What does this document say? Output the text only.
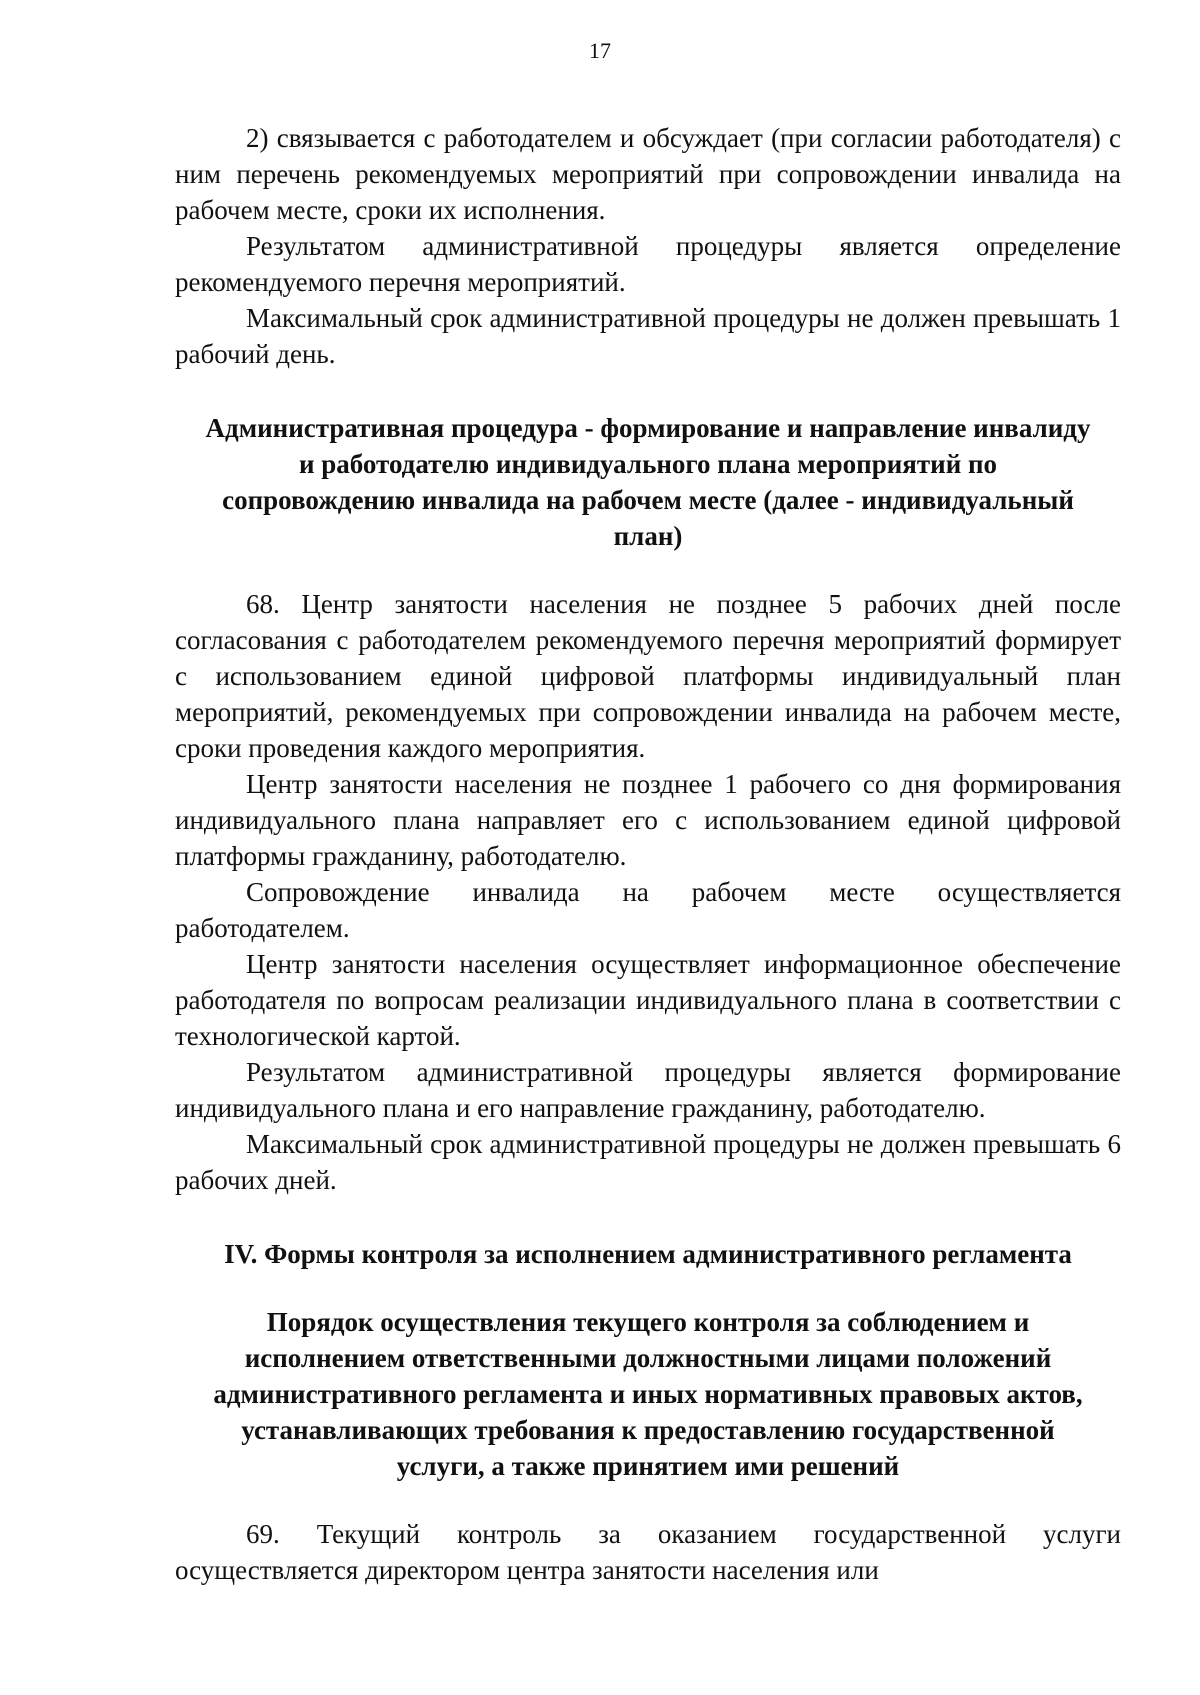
17

2) связывается с работодателем и обсуждает (при согласии работодателя) с ним перечень рекомендуемых мероприятий при сопровождении инвалида на рабочем месте, сроки их исполнения.

Результатом административной процедуры является определение рекомендуемого перечня мероприятий.

Максимальный срок административной процедуры не должен превышать 1 рабочий день.

Административная процедура - формирование и направление инвалиду
и работодателю индивидуального плана мероприятий по
сопровождению инвалида на рабочем месте (далее - индивидуальный
план)

68. Центр занятости населения не позднее 5 рабочих дней после согласования с работодателем рекомендуемого перечня мероприятий формирует с использованием единой цифровой платформы индивидуальный план мероприятий, рекомендуемых при сопровождении инвалида на рабочем месте, сроки проведения каждого мероприятия.

Центр занятости населения не позднее 1 рабочего со дня формирования индивидуального плана направляет его с использованием единой цифровой платформы гражданину, работодателю.

Сопровождение инвалида на рабочем месте осуществляется работодателем.

Центр занятости населения осуществляет информационное обеспечение работодателя по вопросам реализации индивидуального плана в соответствии с технологической картой.

Результатом административной процедуры является формирование индивидуального плана и его направление гражданину, работодателю.

Максимальный срок административной процедуры не должен превышать 6 рабочих дней.

IV. Формы контроля за исполнением административного регламента
Порядок осуществления текущего контроля за соблюдением и
исполнением ответственными должностными лицами положений
административного регламента и иных нормативных правовых актов,
устанавливающих требования к предоставлению государственной
услуги, а также принятием ими решений

69. Текущий контроль за оказанием государственной услуги осуществляется директором центра занятости населения или
